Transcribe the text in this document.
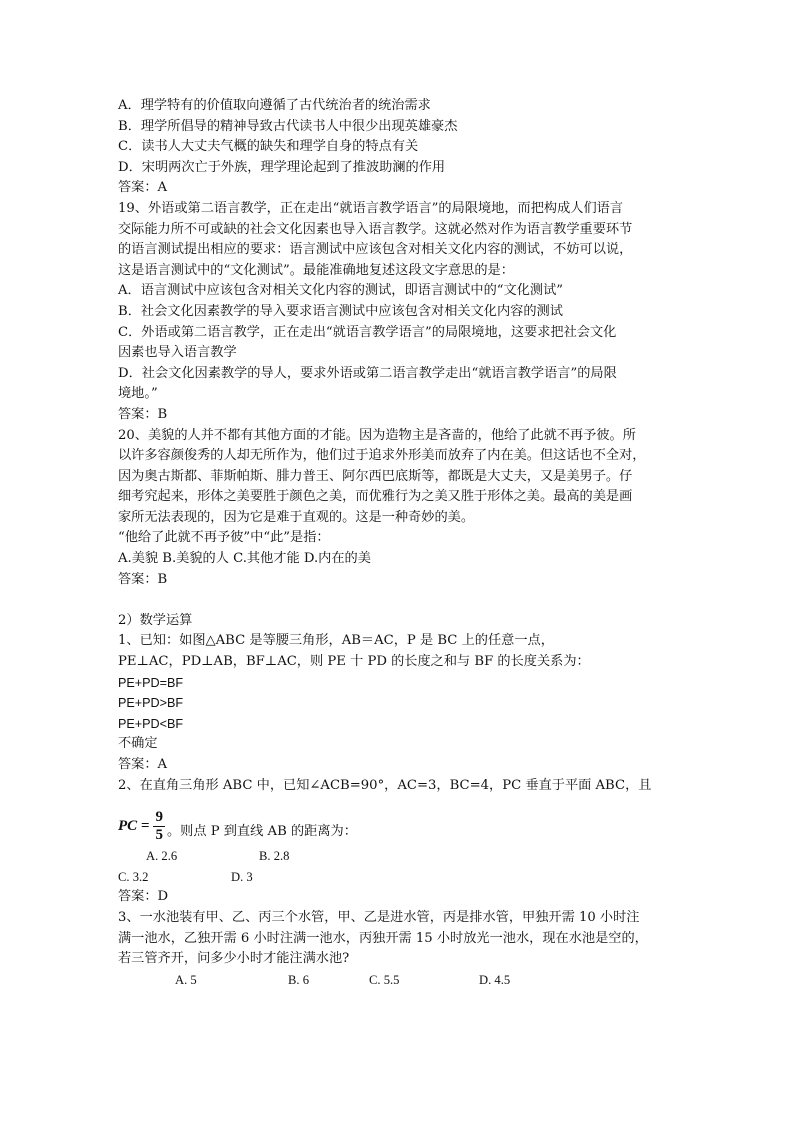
A．理学特有的价值取向遵循了古代统治者的统治需求
B．理学所倡导的精神导致古代读书人中很少出现英雄豪杰
C．读书人大丈夫气概的缺失和理学自身的特点有关
D．宋明两次亡于外族，理学理论起到了推波助澜的作用
答案：A
19、外语或第二语言教学，正在走出“就语言教学语言”的局限境地，而把构成人们语言
交际能力所不可或缺的社会文化因素也导入语言教学。这就必然对作为语言教学重要环节
的语言测试提出相应的要求：语言测试中应该包含对相关文化内容的测试，不妨可以说，
这是语言测试中的“文化测试”。最能准确地复述这段文字意思的是：
A．语言测试中应该包含对相关文化内容的测试，即语言测试中的“文化测试”
B．社会文化因素教学的导入要求语言测试中应该包含对相关文化内容的测试
C．外语或第二语言教学，正在走出“就语言教学语言”的局限境地，这要求把社会文化
因素也导入语言教学
D．社会文化因素教学的导人，要求外语或第二语言教学走出“就语言教学语言”的局限
境地。”
答案：B
20、美貌的人并不都有其他方面的才能。因为造物主是吝啬的，他给了此就不再予彼。所
以许多容颜俊秀的人却无所作为，他们过于追求外形美而放弃了内在美。但这话也不全对，
因为奥古斯都、菲斯帕斯、腓力普王、阿尔西巴底斯等，都既是大丈夫，又是美男子。仔
细考究起来，形体之美要胜于颜色之美，而优雅行为之美又胜于形体之美。最高的美是画
家所无法表现的，因为它是难于直观的。这是一种奇妙的美。
“他给了此就不再予彼”中“此”是指：
A.美貌 B.美貌的人 C.其他才能 D.内在的美
答案：B
2）数学运算
1、已知：如图△ABC 是等腰三角形，AB＝AC，P 是 BC 上的任意一点，
PE⊥AC，PD⊥AB，BF⊥AC，则 PE 十 PD 的长度之和与 BF 的长度关系为：
PE+PD=BF
PE+PD>BF
PE+PD<BF
不确定
答案：A
2、在直角三角形 ABC 中，已知∠ACB=90°，AC=3，BC=4，PC 垂直于平面 ABC，且
PC = $\frac{9}{5}$ 。则点 P 到直线 AB 的距离为：
A. 2.6	B. 2.8
C. 3.2	D. 3
答案：D
3、一水池装有甲、乙、丙三个水管，甲、乙是进水管，丙是排水管，甲独开需 10 小时注
满一池水，乙独开需 6 小时注满一池水，丙独开需 15 小时放光一池水，现在水池是空的，
若三管齐开，问多少小时才能注满水池?
A. 5	B. 6	C. 5.5	D. 4.5
